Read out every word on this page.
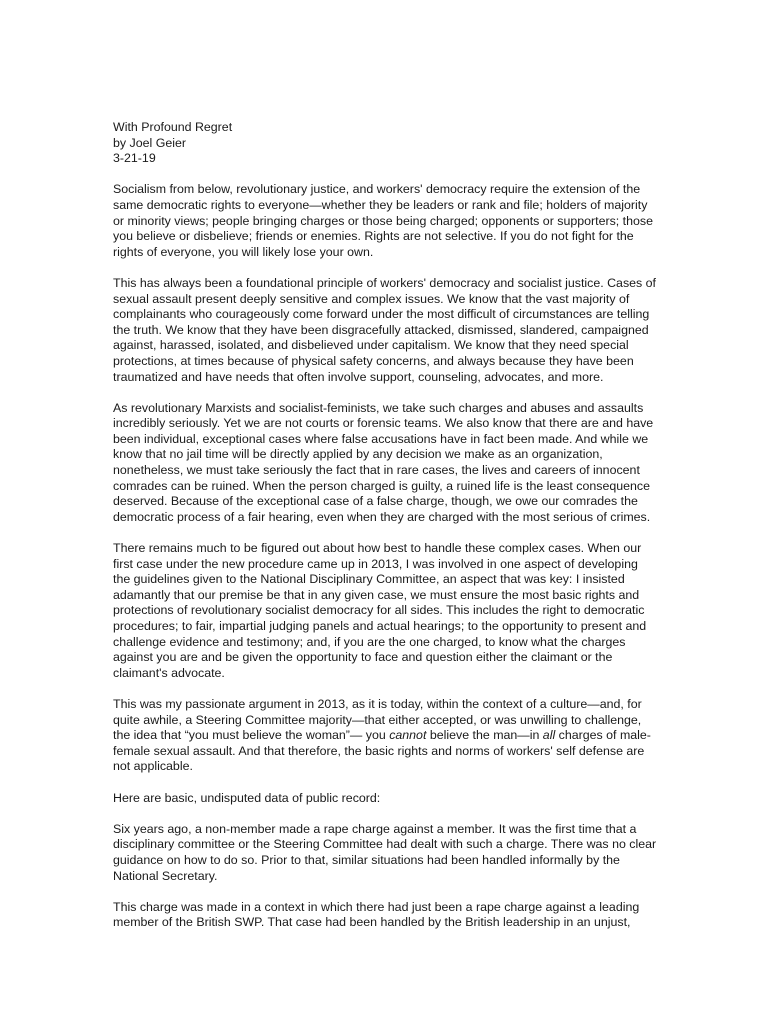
With Profound Regret
by Joel Geier
3-21-19

Socialism from below, revolutionary justice, and workers' democracy require the extension of the same democratic rights to everyone—whether they be leaders or rank and file; holders of majority or minority views; people bringing charges or those being charged; opponents or supporters; those you believe or disbelieve; friends or enemies. Rights are not selective. If you do not fight for the rights of everyone, you will likely lose your own.

This has always been a foundational principle of workers' democracy and socialist justice. Cases of sexual assault present deeply sensitive and complex issues. We know that the vast majority of complainants who courageously come forward under the most difficult of circumstances are telling the truth. We know that they have been disgracefully attacked, dismissed, slandered, campaigned against, harassed, isolated, and disbelieved under capitalism. We know that they need special protections, at times because of physical safety concerns, and always because they have been traumatized and have needs that often involve support, counseling, advocates, and more.

As revolutionary Marxists and socialist-feminists, we take such charges and abuses and assaults incredibly seriously. Yet we are not courts or forensic teams. We also know that there are and have been individual, exceptional cases where false accusations have in fact been made. And while we know that no jail time will be directly applied by any decision we make as an organization, nonetheless, we must take seriously the fact that in rare cases, the lives and careers of innocent comrades can be ruined. When the person charged is guilty, a ruined life is the least consequence deserved. Because of the exceptional case of a false charge, though, we owe our comrades the democratic process of a fair hearing, even when they are charged with the most serious of crimes.

There remains much to be figured out about how best to handle these complex cases. When our first case under the new procedure came up in 2013, I was involved in one aspect of developing the guidelines given to the National Disciplinary Committee, an aspect that was key: I insisted adamantly that our premise be that in any given case, we must ensure the most basic rights and protections of revolutionary socialist democracy for all sides. This includes the right to democratic procedures; to fair, impartial judging panels and actual hearings; to the opportunity to present and challenge evidence and testimony; and, if you are the one charged, to know what the charges against you are and be given the opportunity to face and question either the claimant or the claimant's advocate.

This was my passionate argument in 2013, as it is today, within the context of a culture—and, for quite awhile, a Steering Committee majority—that either accepted, or was unwilling to challenge, the idea that “you must believe the woman”— you cannot believe the man—in all charges of male-female sexual assault. And that therefore, the basic rights and norms of workers' self defense are not applicable.

Here are basic, undisputed data of public record:

Six years ago, a non-member made a rape charge against a member. It was the first time that a disciplinary committee or the Steering Committee had dealt with such a charge. There was no clear guidance on how to do so. Prior to that, similar situations had been handled informally by the National Secretary.

This charge was made in a context in which there had just been a rape charge against a leading member of the British SWP. That case had been handled by the British leadership in an unjust,
